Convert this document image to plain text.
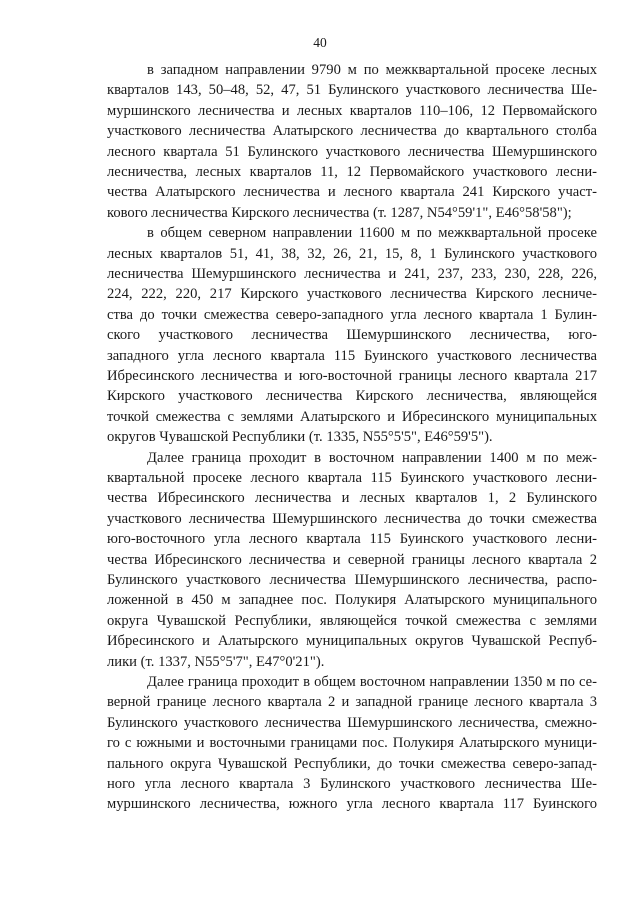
40
в западном направлении 9790 м по межквартальной просеке лесных
кварталов 143, 50–48, 52, 47, 51 Булинского участкового лесничества Ше-
муршинского лесничества и лесных кварталов 110–106, 12 Первомайского
участкового лесничества Алатырского лесничества до квартального столба
лесного квартала 51 Булинского участкового лесничества Шемуршинского
лесничества, лесных кварталов 11, 12 Первомайского участкового лесни-
чества Алатырского лесничества и лесного квартала 241 Кирского участ-
кового лесничества Кирского лесничества (т. 1287, N54°59'1", E46°58'58");
в общем северном направлении 11600 м по межквартальной просеке
лесных кварталов 51, 41, 38, 32, 26, 21, 15, 8, 1 Булинского участкового
лесничества Шемуршинского лесничества и 241, 237, 233, 230, 228, 226,
224, 222, 220, 217 Кирского участкового лесничества Кирского лесниче-
ства до точки смежества северо-западного угла лесного квартала 1 Булин-
ского участкового лесничества Шемуршинского лесничества, юго-
западного угла лесного квартала 115 Буинского участкового лесничества
Ибресинского лесничества и юго-восточной границы лесного квартала 217
Кирского участкового лесничества Кирского лесничества, являющейся
точкой смежества с землями Алатырского и Ибресинского муниципальных
округов Чувашской Республики (т. 1335, N55°5'5", E46°59'5").
Далее граница проходит в восточном направлении 1400 м по меж-
квартальной просеке лесного квартала 115 Буинского участкового лесни-
чества Ибресинского лесничества и лесных кварталов 1, 2 Булинского
участкового лесничества Шемуршинского лесничества до точки смежества
юго-восточного угла лесного квартала 115 Буинского участкового лесни-
чества Ибресинского лесничества и северной границы лесного квартала 2
Булинского участкового лесничества Шемуршинского лесничества, распо-
ложенной в 450 м западнее пос. Полукиря Алатырского муниципального
округа Чувашской Республики, являющейся точкой смежества с землями
Ибресинского и Алатырского муниципальных округов Чувашской Респуб-
лики (т. 1337, N55°5'7", E47°0'21").
Далее граница проходит в общем восточном направлении 1350 м по се-
верной границе лесного квартала 2 и западной границе лесного квартала 3
Булинского участкового лесничества Шемуршинского лесничества, смежно-
го с южными и восточными границами пос. Полукиря Алатырского муници-
пального округа Чувашской Республики, до точки смежества северо-запад-
ного угла лесного квартала 3 Булинского участкового лесничества Ше-
муршинского лесничества, южного угла лесного квартала 117 Буинского
